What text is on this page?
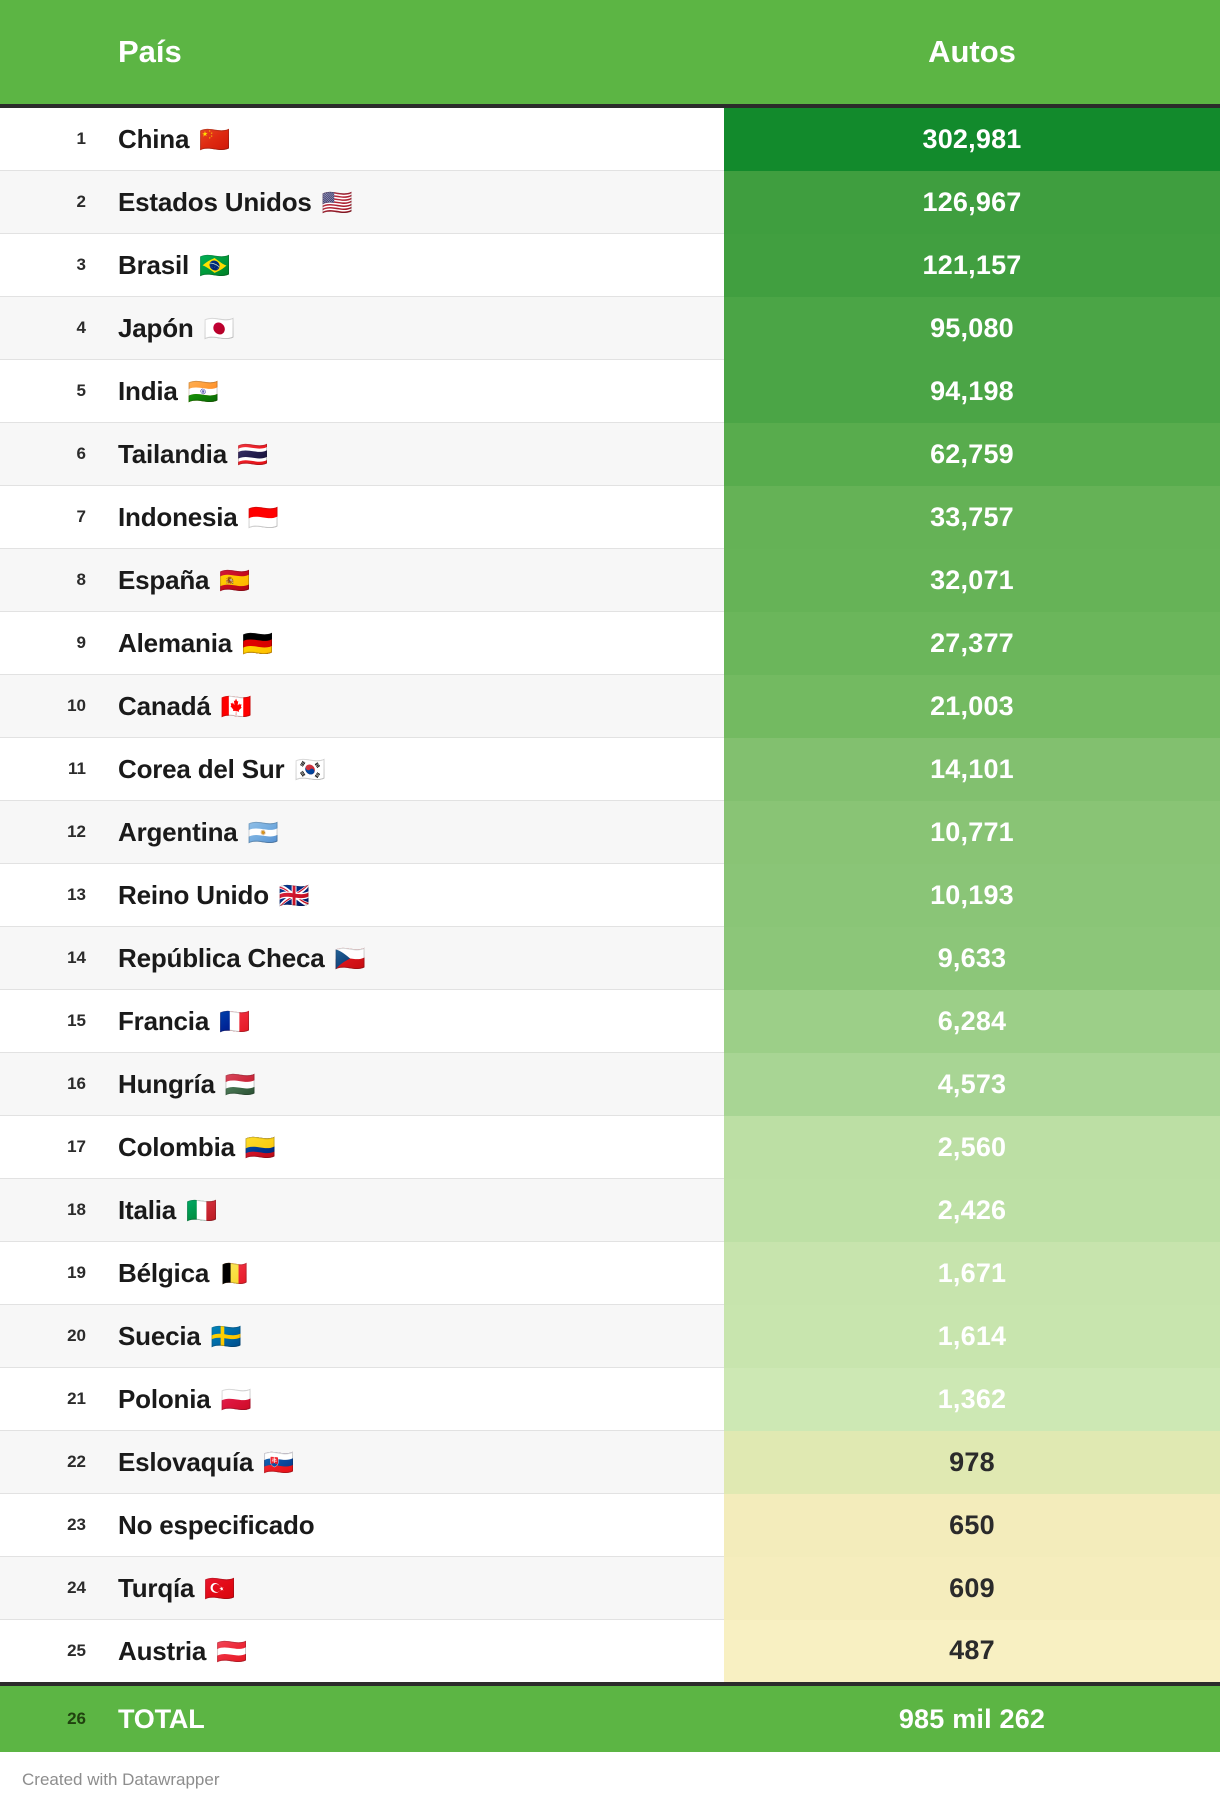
	País	Autos
1	China 🇨🇳	302,981
2	Estados Unidos 🇺🇸	126,967
3	Brasil 🇧🇷	121,157
4	Japón 🇯🇵	95,080
5	India 🇮🇳	94,198
6	Tailandia 🇹🇭	62,759
7	Indonesia 🇮🇩	33,757
8	España 🇪🇸	32,071
9	Alemania 🇩🇪	27,377
10	Canadá 🇨🇦	21,003
11	Corea del Sur 🇰🇷	14,101
12	Argentina 🇦🇷	10,771
13	Reino Unido 🇬🇧	10,193
14	República Checa 🇨🇿	9,633
15	Francia 🇫🇷	6,284
16	Hungría 🇭🇺	4,573
17	Colombia 🇨🇴	2,560
18	Italia 🇮🇹	2,426
19	Bélgica 🇧🇪	1,671
20	Suecia 🇸🇪	1,614
21	Polonia 🇵🇱	1,362
22	Eslovaquía 🇸🇰	978
23	No especificado	650
24	Turqía 🇹🇷	609
25	Austria 🇦🇹	487
26	TOTAL	985 mil 262
Created with Datawrapper
